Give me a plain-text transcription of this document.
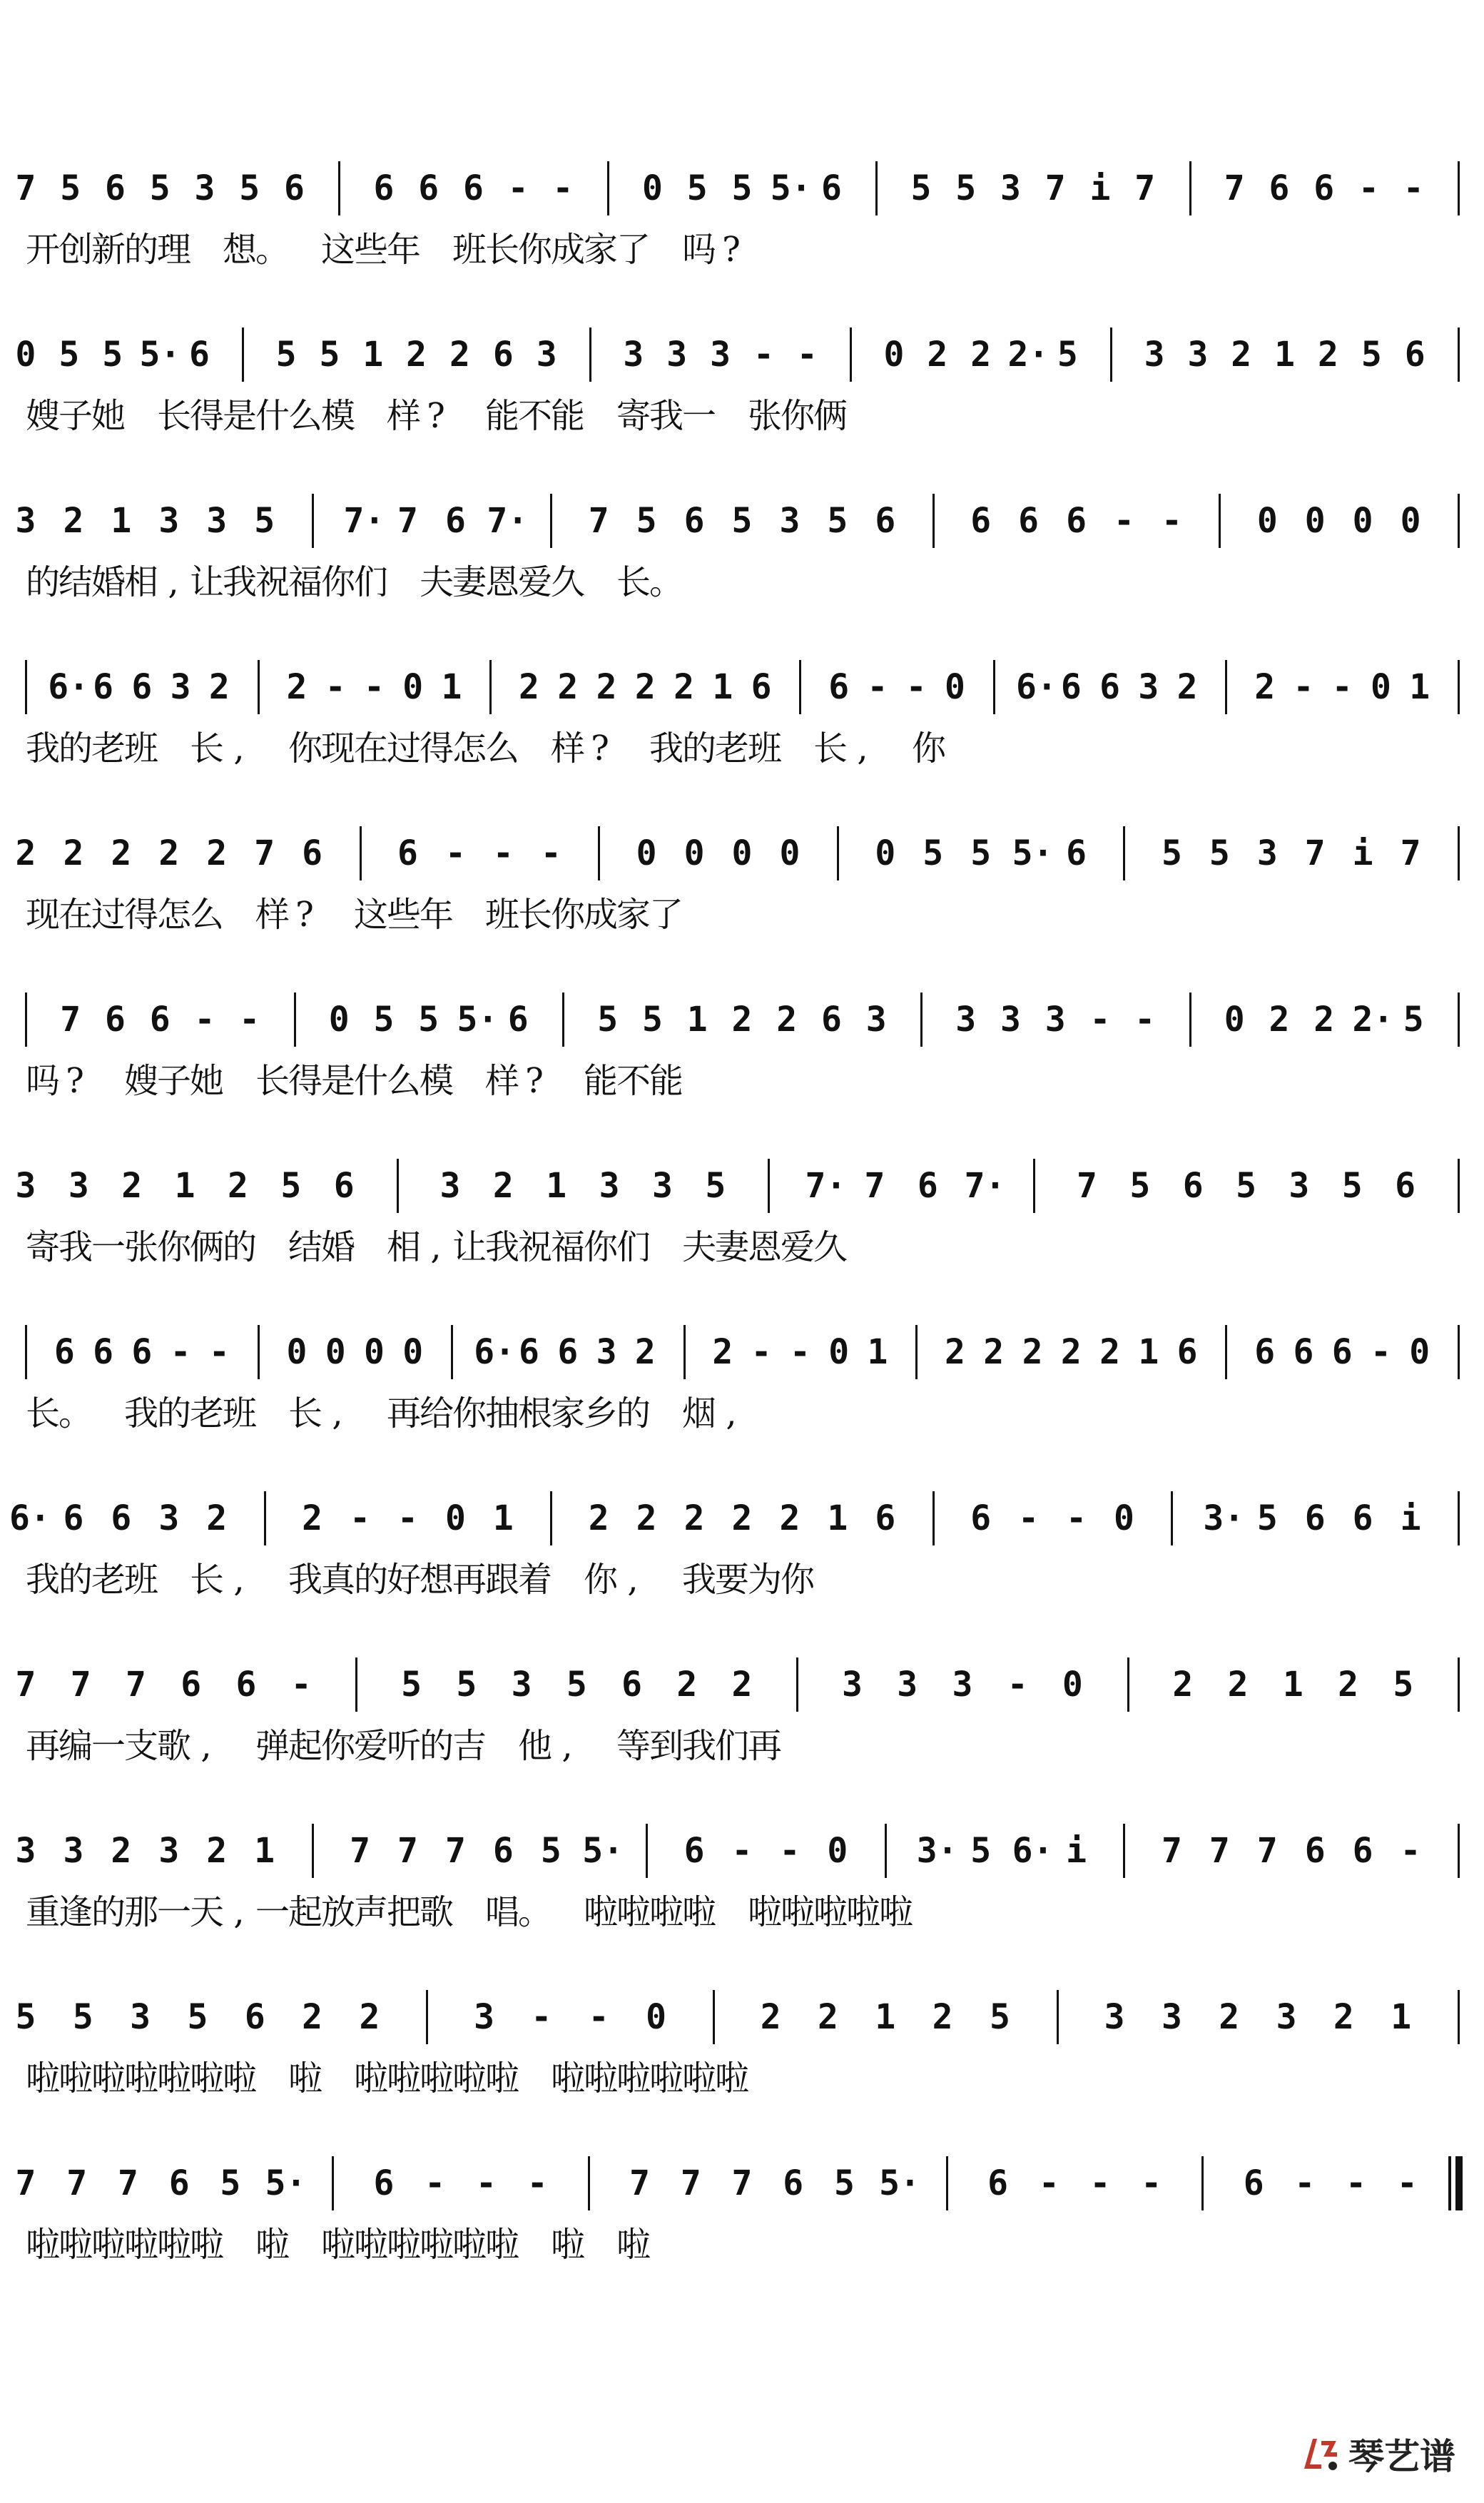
7 5 6 5 3 5 6 6 6 6 - - 0 5 5 5· 6 5 5 3 7 i 7 7 6 6 - -
开
创
新
的
理 想
。 这
些
年 班
长
你
成
家
了 吗 ?
0 5 5 5· 6 5 5 1 2 2 6 3 3 3 3 - - 0 2 2 2· 5 3 3 2 1 2 5 6
嫂
子
她 长
得
是
什
么
模 样 ? 能
不
能 寄
我
一 张
你
俩
3 2 1 3 3 5 7· 7 6 7· 7 5 6 5 3 5 6 6 6 6 - - 0 0 0 0
的
结
婚
相 , 让
我
祝
福
你
们 夫
妻
恩
爱
久 长
。
6· 6 6 3 2 2 - - 0 1 2 2 2 2 2 1 6 6 - - 0 6· 6 6 3 2 2 - - 0 1
我
的
老
班 长 ,	你
现
在
过
得
怎
么 样 ? 我
的
老
班 长 ,	你
2 2 2 2 2 7 6 6 - - - 0 0 0 0 0 5 5 5· 6 5 5 3 7 i 7
现
在
过
得
怎
么 样 ? 这
些
年 班
长
你
成
家
了
7 6 6 - - 0 5 5 5· 6 5 5 1 2 2 6 3 3 3 3 - - 0 2 2 2· 5
吗 ? 嫂
子
她 长
得
是
什
么
模 样 ? 能
不
能
3 3 2 1 2 5 6 3 2 1 3 3 5 7· 7 6 7· 7 5 6 5 3 5 6
寄
我
一
张
你
俩
的 结
婚 相 , 让
我
祝
福
你
们 夫
妻
恩
爱
久
6 6 6 - - 0 0 0 0 6· 6 6 3 2 2 - - 0 1 2 2 2 2 2 1 6 6 6 6 - 0
长
。 我
的
老
班 长 ,	再
给
你
抽
根
家
乡
的 烟 ,
6· 6 6 3 2 2 - - 0 1 2 2 2 2 2 1 6 6 - - 0 3· 5 6 6 i
我
的
老
班 长 ,	我
真
的
好
想
再
跟
着 你 ,	我
要
为
你
7 7 7 6 6 -	5 5 3 5 6 2 2	3 3 3 - 0	2 2 1 2 5
再
编
一
支
歌 ,	弹
起
你
爱
听
的
吉 他 ,	等
到
我
们
再
3 3 2 3 2 1 7 7 7 6 5 5· 6 - - 0 3· 5 6· i 7 7 7 6 6 -
重
逢
的
那
一
天 , 一
起
放
声
把
歌 唱
。 啦
啦
啦
啦 啦
啦
啦
啦
啦
5 5 3 5 6 2 2	3 - - 0	2 2 1 2 5	3 3 2 3 2 1
啦
啦
啦
啦
啦
啦
啦 啦 啦
啦
啦
啦
啦 啦
啦
啦
啦
啦
啦
7 7 7 6 5 5· 6 - - - 7 7 7 6 5 5· 6 - - - 6 - - -
啦
啦
啦
啦
啦
啦 啦 啦
啦
啦
啦
啦
啦 啦 啦
琴艺谱
